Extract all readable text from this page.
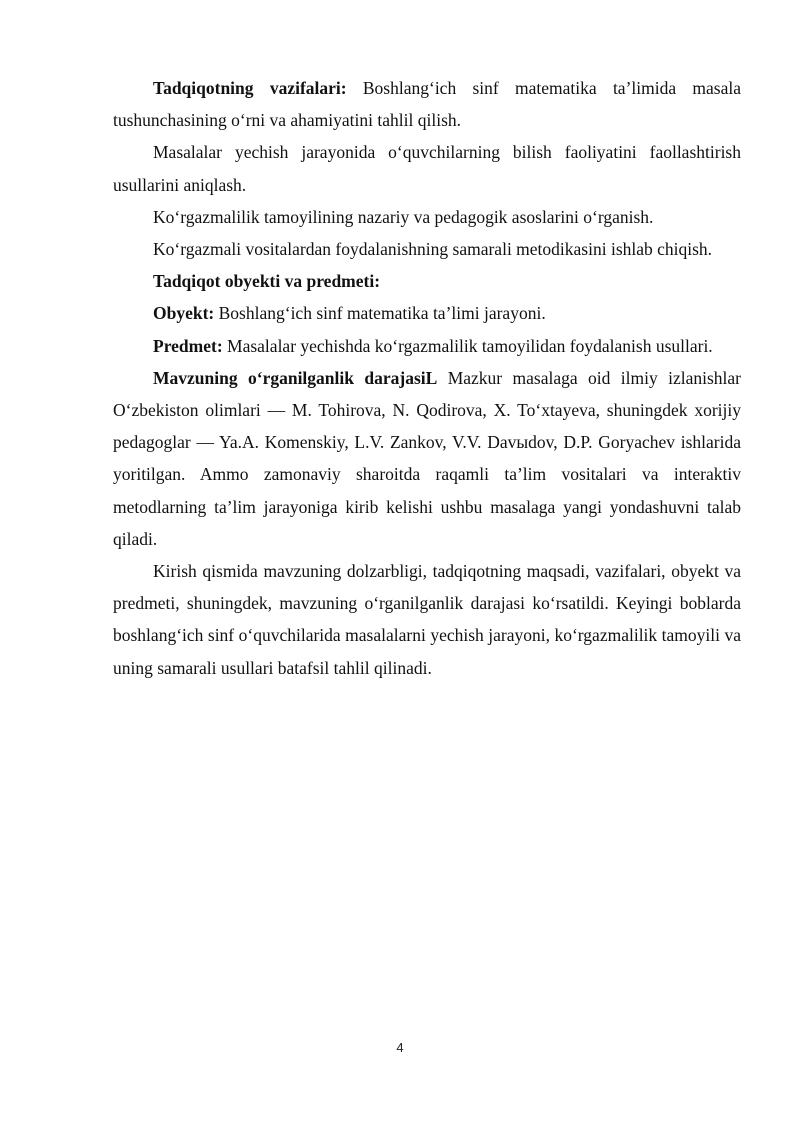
Tadqiqotning vazifalari: Boshlang‘ich sinf matematika ta’limida masala tushunchasining o‘rni va ahamiyatini tahlil qilish.

Masalalar yechish jarayonida o‘quvchilarning bilish faoliyatini faollashtirish usullarini aniqlash.

Ko‘rgazmalilik tamoyilining nazariy va pedagogik asoslarini o‘rganish.

Ko‘rgazmali vositalardan foydalanishning samarali metodikasini ishlab chiqish.

Tadqiqot obyekti va predmeti:

Obyekt: Boshlang‘ich sinf matematika ta’limi jarayoni.

Predmet: Masalalar yechishda ko‘rgazmalilik tamoyilidan foydalanish usullari.

Mavzuning o‘rganilganlik darajasiL Mazkur masalaga oid ilmiy izlanishlar O‘zbekiston olimlari — M. Tohirova, N. Qodirova, X. To‘xtayeva, shuningdek xorijiy pedagoglar — Ya.A. Komenskiy, L.V. Zankov, V.V. Davыdov, D.P. Goryachev ishlarida yoritilgan. Ammo zamonaviy sharoitda raqamli ta’lim vositalari va interaktiv metodlarning ta’lim jarayoniga kirib kelishi ushbu masalaga yangi yondashuvni talab qiladi.

Kirish qismida mavzuning dolzarbligi, tadqiqotning maqsadi, vazifalari, obyekt va predmeti, shuningdek, mavzuning o‘rganilganlik darajasi ko‘rsatildi. Keyingi boblarda boshlang‘ich sinf o‘quvchilarida masalalarni yechish jarayoni, ko‘rgazmalilik tamoyili va uning samarali usullari batafsil tahlil qilinadi.

4
